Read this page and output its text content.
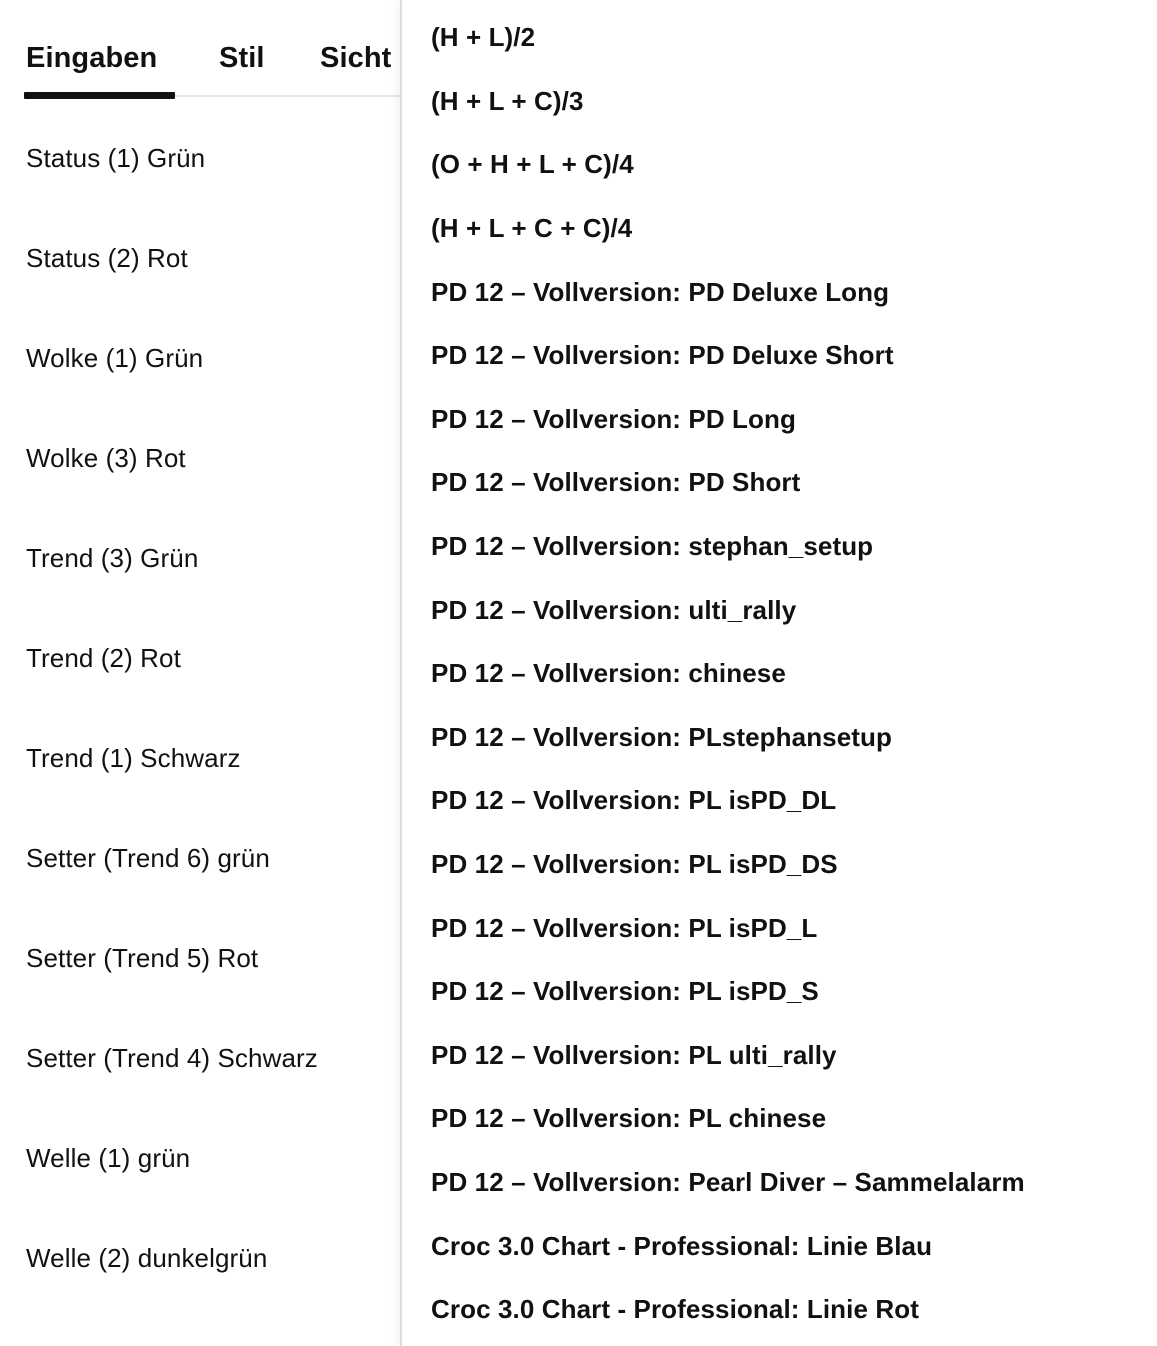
Eingaben Stil Sicht
Status (1) Grün
Status (2) Rot
Wolke (1) Grün
Wolke (3) Rot
Trend (3) Grün
Trend (2) Rot
Trend (1) Schwarz
Setter (Trend 6) grün
Setter (Trend 5) Rot
Setter (Trend 4) Schwarz
Welle (1) grün
Welle (2) dunkelgrün
(H + L)/2
(H + L + C)/3
(O + H + L + C)/4
(H + L + C + C)/4
PD 12 – Vollversion: PD Deluxe Long
PD 12 – Vollversion: PD Deluxe Short
PD 12 – Vollversion: PD Long
PD 12 – Vollversion: PD Short
PD 12 – Vollversion: stephan_setup
PD 12 – Vollversion: ulti_rally
PD 12 – Vollversion: chinese
PD 12 – Vollversion: PLstephansetup
PD 12 – Vollversion: PL isPD_DL
PD 12 – Vollversion: PL isPD_DS
PD 12 – Vollversion: PL isPD_L
PD 12 – Vollversion: PL isPD_S
PD 12 – Vollversion: PL ulti_rally
PD 12 – Vollversion: PL chinese
PD 12 – Vollversion: Pearl Diver – Sammelalarm
Croc 3.0 Chart - Professional: Linie Blau
Croc 3.0 Chart - Professional: Linie Rot
